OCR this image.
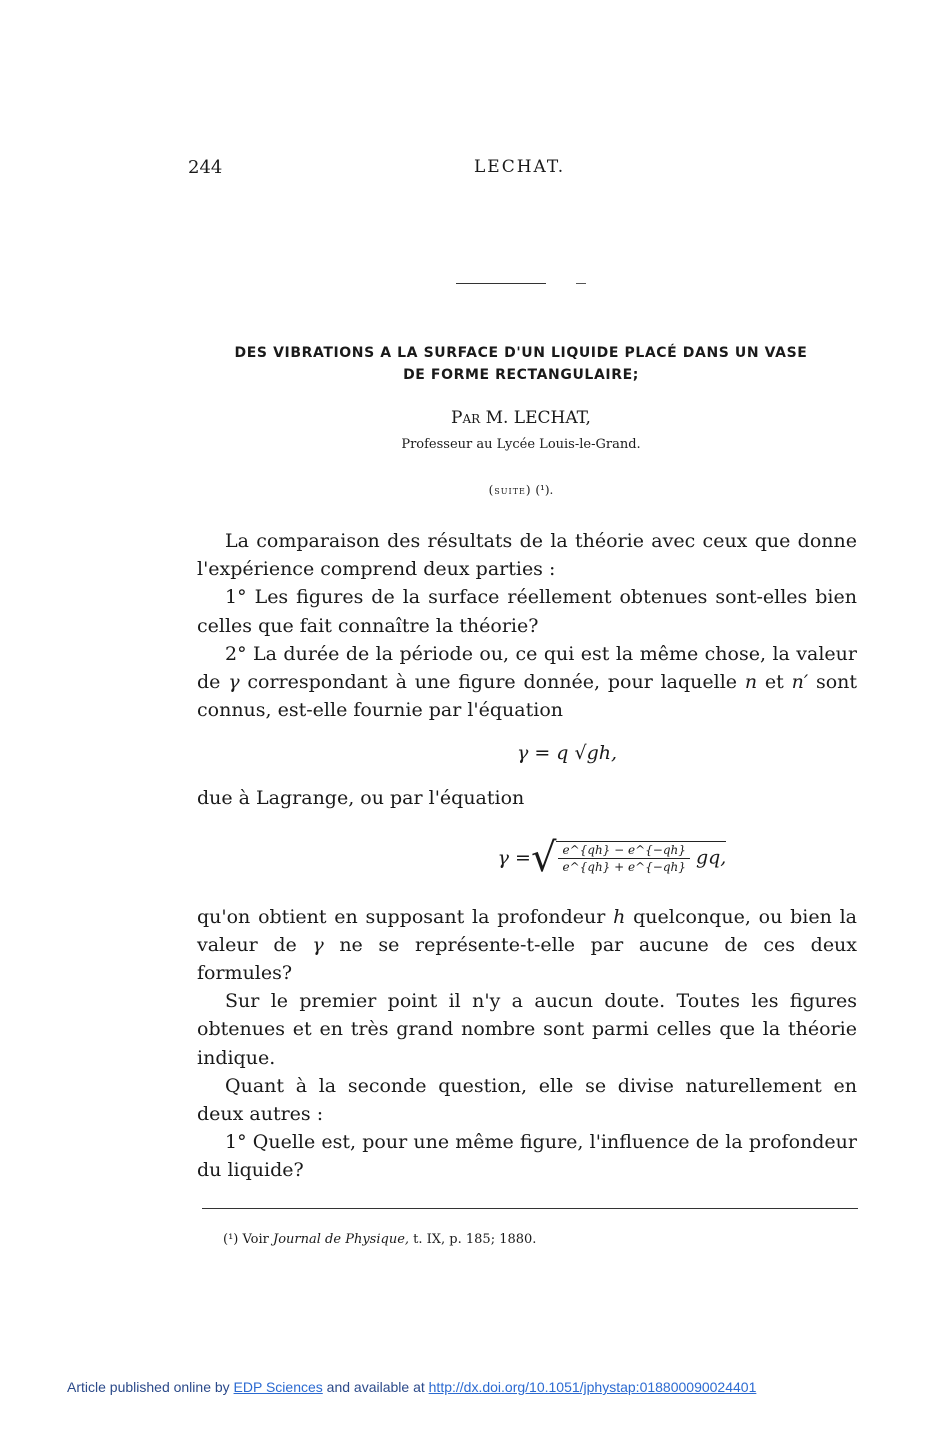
244	LECHAT.
DES VIBRATIONS A LA SURFACE D'UN LIQUIDE PLACÉ DANS UN VASE
DE FORME RECTANGULAIRE;
Par M. LECHAT,
Professeur au Lycée Louis-le-Grand.
(suite) (¹).

La comparaison des résultats de la théorie avec ceux que donne l'expérience comprend deux parties :

1° Les figures de la surface réellement obtenues sont-elles bien celles que fait connaître la théorie?

2° La durée de la période ou, ce qui est la même chose, la valeur de γ correspondant à une figure donnée, pour laquelle n et n′ sont connus, est-elle fournie par l'équation

γ = q √gh,

due à Lagrange, ou par l'équation

γ = √ $\frac{e\^{}\{qh\} - e\^{}\{-qh\}}{e\^{}\{qh\} + e\^{}\{-qh\}}$ gq,

qu'on obtient en supposant la profondeur h quelconque, ou bien la valeur de γ ne se représente-t-elle par aucune de ces deux formules?

Sur le premier point il n'y a aucun doute. Toutes les figures obtenues et en très grand nombre sont parmi celles que la théorie indique.

Quant à la seconde question, elle se divise naturellement en deux autres :

1° Quelle est, pour une même figure, l'influence de la profondeur du liquide?

(¹) Voir Journal de Physique, t. IX, p. 185; 1880.
Article published online by EDP Sciences and available at http://dx.doi.org/10.1051/jphystap:018800090024401
